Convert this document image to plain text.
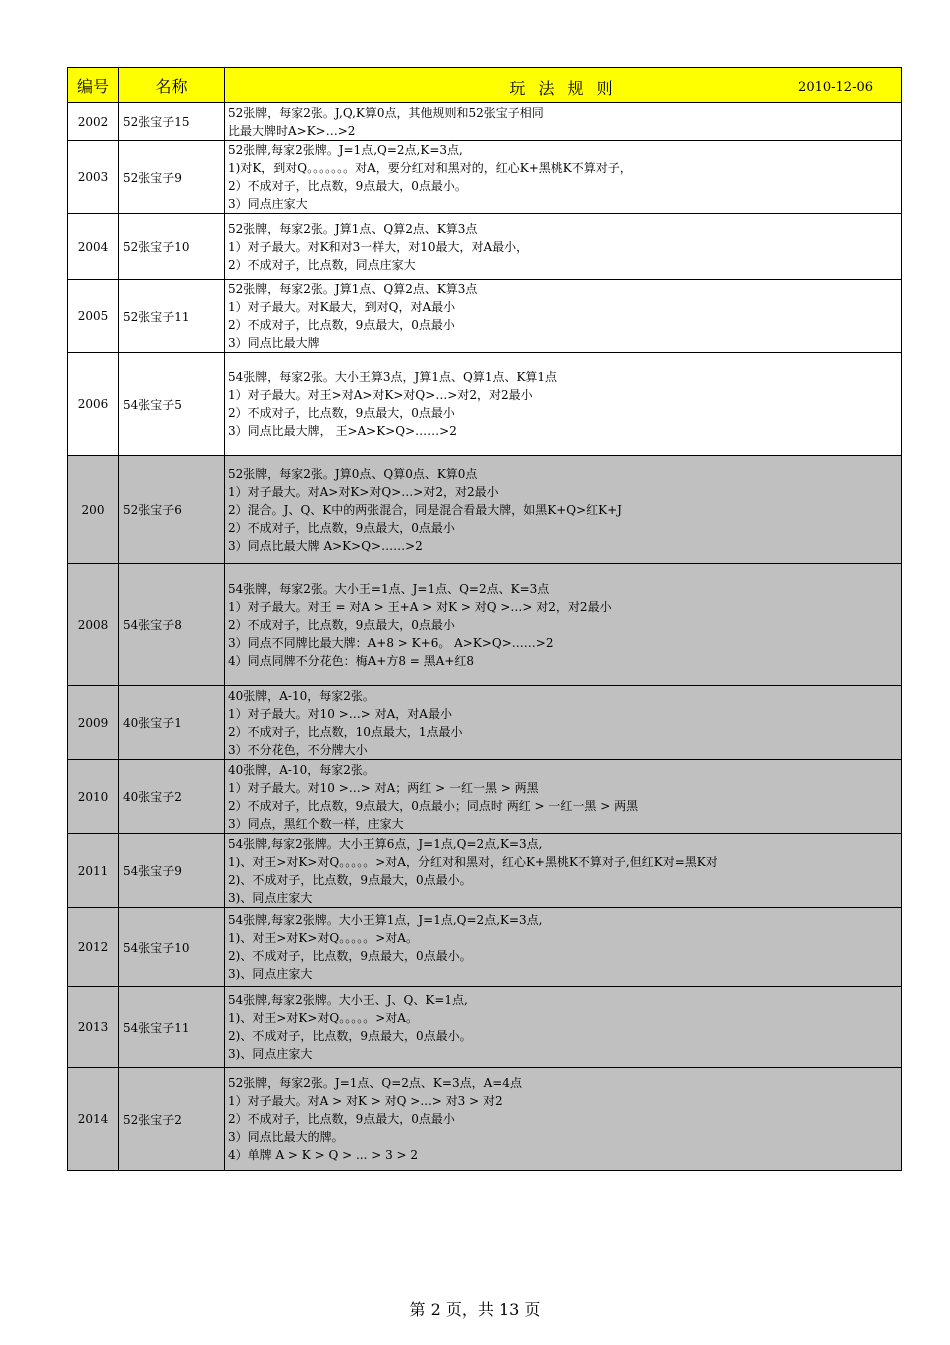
编号	名称	玩 法 规 则 2010-12-06

2002	52张宝子15	52张牌，每家2张。J,Q,K算0点，其他规则和52张宝子相同
比最大牌时A>K>…>2

2003	52张宝子9	52张牌,每家2张牌。J=1点,Q=2点,K=3点,
1)对K，到对Q。。。。。。。对A，要分红对和黑对的，红心K+黑桃K不算对子，
2）不成对子，比点数，9点最大，0点最小。
3）同点庄家大

2004	52张宝子10	52张牌，每家2张。J算1点、Q算2点、K算3点
1）对子最大。对K和对3一样大，对10最大，对A最小，
2）不成对子，比点数，同点庄家大

2005	52张宝子11	52张牌，每家2张。J算1点、Q算2点、K算3点
1）对子最大。对K最大，到对Q，对A最小
2）不成对子，比点数，9点最大，0点最小
3）同点比最大牌

2006	54张宝子5	54张牌，每家2张。大小王算3点，J算1点、Q算1点、K算1点
1）对子最大。对王>对A>对K>对Q>…>对2，对2最小
2）不成对子，比点数，9点最大，0点最小
3）同点比最大牌， 王>A>K>Q>……>2

200	52张宝子6	52张牌，每家2张。J算0点、Q算0点、K算0点
1）对子最大。对A>对K>对Q>…>对2，对2最小
2）混合。J、Q、K中的两张混合，同是混合看最大牌，如黑K+Q>红K+J
2）不成对子，比点数，9点最大，0点最小
3）同点比最大牌 A>K>Q>……>2

2008	54张宝子8	54张牌，每家2张。大小王=1点、J=1点、Q=2点、K=3点
1）对子最大。对王 = 对A > 王+A > 对K > 对Q >…> 对2，对2最小
2）不成对子，比点数，9点最大，0点最小
3）同点不同牌比最大牌：A+8 > K+6。 A>K>Q>……>2
4）同点同牌不分花色：梅A+方8 = 黑A+红8

2009	40张宝子1	40张牌，A-10，每家2张。
1）对子最大。对10 >…> 对A，对A最小
2）不成对子，比点数，10点最大，1点最小
3）不分花色，不分牌大小

2010	40张宝子2	40张牌，A-10，每家2张。
1）对子最大。对10 >…> 对A；两红 > 一红一黑 > 两黑
2）不成对子，比点数，9点最大，0点最小；同点时 两红 > 一红一黑 > 两黑
3）同点，黑红个数一样，庄家大

2011	54张宝子9	54张牌,每家2张牌。大小王算6点，J=1点,Q=2点,K=3点,
1)、对王>对K>对Q。。。。。>对A，分红对和黑对，红心K+黑桃K不算对子,但红K对=黑K对
2)、不成对子，比点数，9点最大，0点最小。
3)、同点庄家大

2012	54张宝子10	54张牌,每家2张牌。大小王算1点，J=1点,Q=2点,K=3点,
1)、对王>对K>对Q。。。。。>对A。
2)、不成对子，比点数，9点最大，0点最小。
3)、同点庄家大

2013	54张宝子11	54张牌,每家2张牌。大小王、J、Q、K=1点,
1)、对王>对K>对Q。。。。。>对A。
2)、不成对子，比点数，9点最大，0点最小。
3)、同点庄家大

2014	52张宝子2	52张牌，每家2张。J=1点、Q=2点、K=3点，A=4点
1）对子最大。对A > 对K > 对Q >...> 对3 > 对2
2）不成对子，比点数，9点最大，0点最小
3）同点比最大的牌。
4）单牌 A > K > Q > ... > 3 > 2
第 2 页，共 13 页
